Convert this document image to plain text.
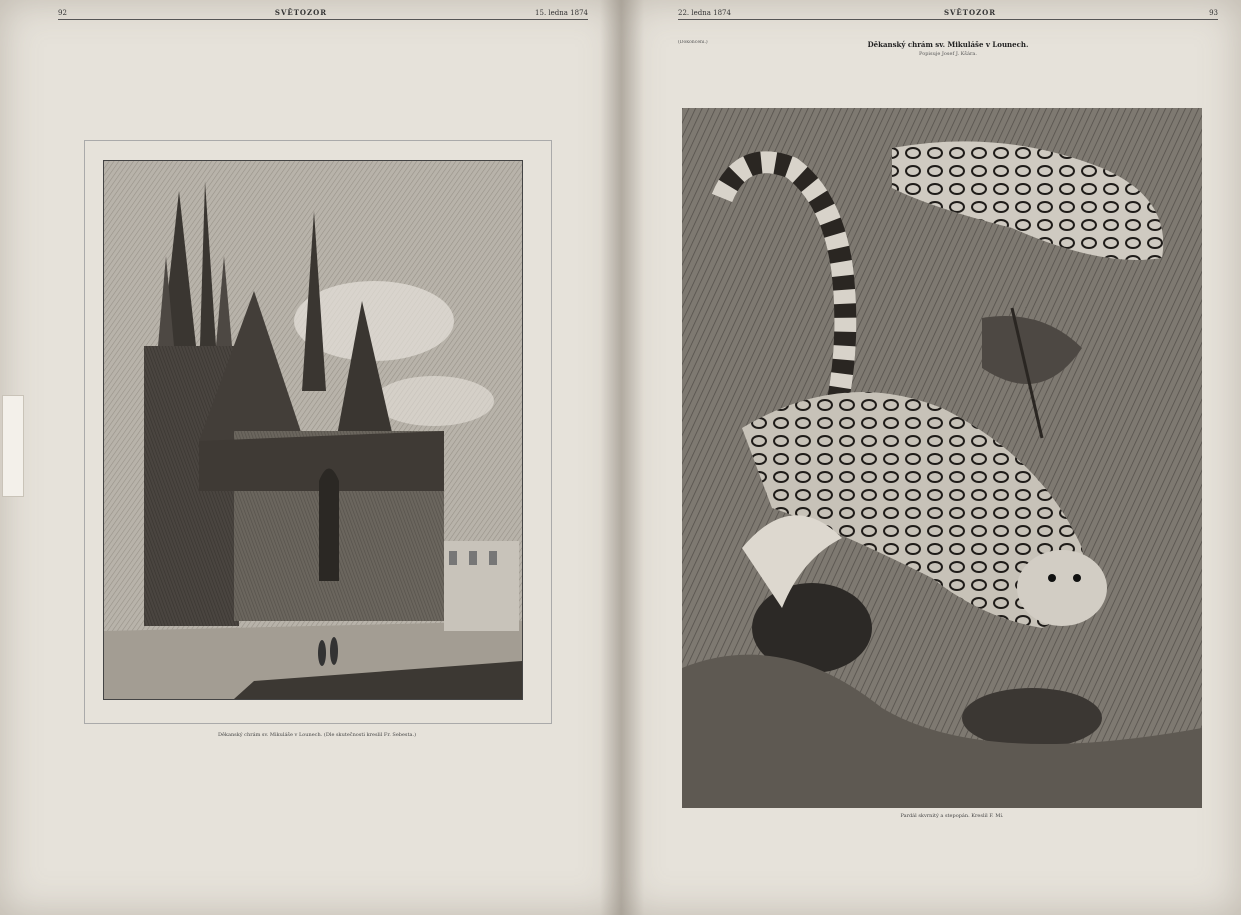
92	SVĚTOZOR	15. ledna 1874
Děkanský chrám sv. Mikuláše v Lounech. (Dle skutečnosti kreslil Fr. Sebesta.)
22. ledna 1874	SVĚTOZOR	93
(Dokončení.)	Děkanský chrám sv. Mikuláše v Lounech.
Popisuje Josef J. Kšára.
Pardál skvrnitý a stepopán. Kreslil F. Mí.
